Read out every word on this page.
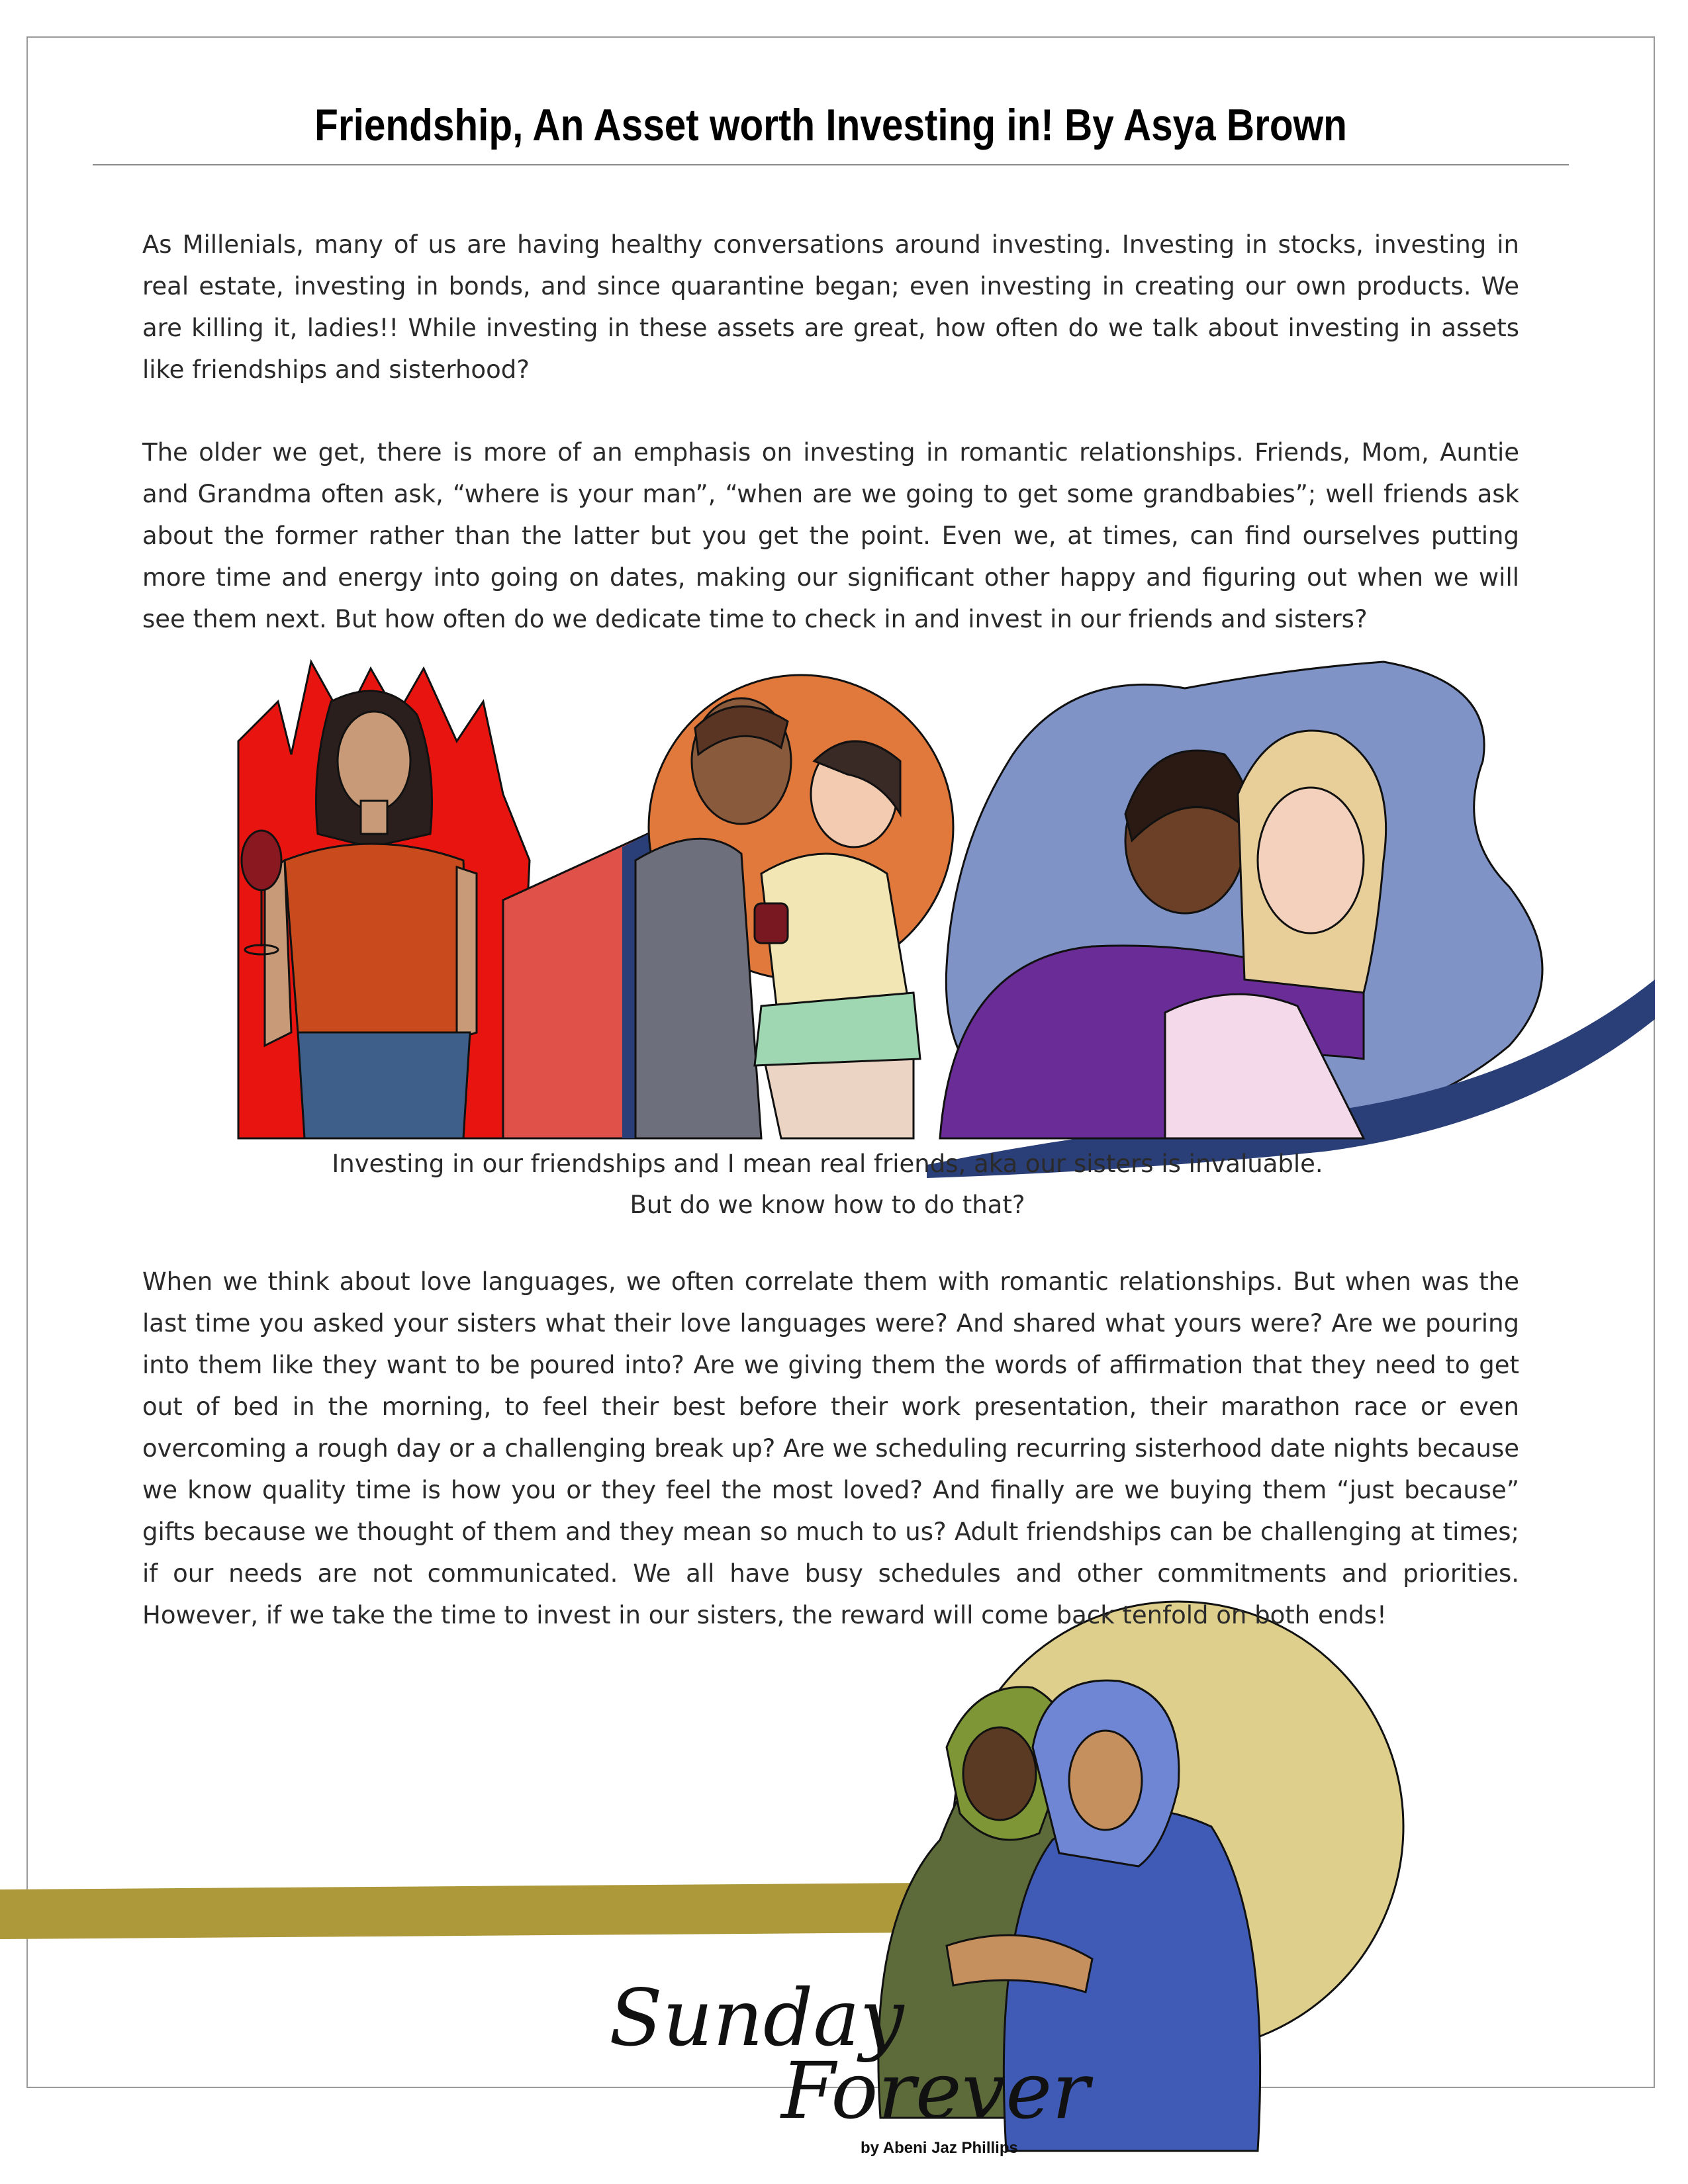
Friendship, An Asset worth Investing in! By Asya Brown

As Millenials, many of us are having healthy conversations around investing. Investing in stocks, investing in real estate, investing in bonds, and since quarantine began; even investing in creating our own products. We are killing it, ladies!! While investing in these assets are great, how often do we talk about investing in assets like friendships and sisterhood?

The older we get, there is more of an emphasis on investing in romantic relationships. Friends, Mom, Auntie and Grandma often ask, “where is your man”, “when are we going to get some grandbabies”; well friends ask about the former rather than the latter but you get the point. Even we, at times, can find ourselves putting more time and energy into going on dates, making our significant other happy and figuring out when we will see them next. But how often do we dedicate time to check in and invest in our friends and sisters?

Investing in our friendships and I mean real friends, aka our sisters is invaluable.
But do we know how to do that?

When we think about love languages, we often correlate them with romantic relationships. But when was the last time you asked your sisters what their love languages were? And shared what yours were? Are we pouring into them like they want to be poured into? Are we giving them the words of affirmation that they need to get out of bed in the morning, to feel their best before their work presentation, their marathon race or even overcoming a rough day or a challenging break up? Are we scheduling recurring sisterhood date nights because we know quality time is how you or they feel the most loved? And finally are we buying them “just because” gifts because we thought of them and they mean so much to us? Adult friendships can be challenging at times; if our needs are not communicated. We all have busy schedules and other commitments and priorities. However, if we take the time to invest in our sisters, the reward will come back tenfold on both ends!

Sunday
Forever
by Abeni Jaz Phillips
